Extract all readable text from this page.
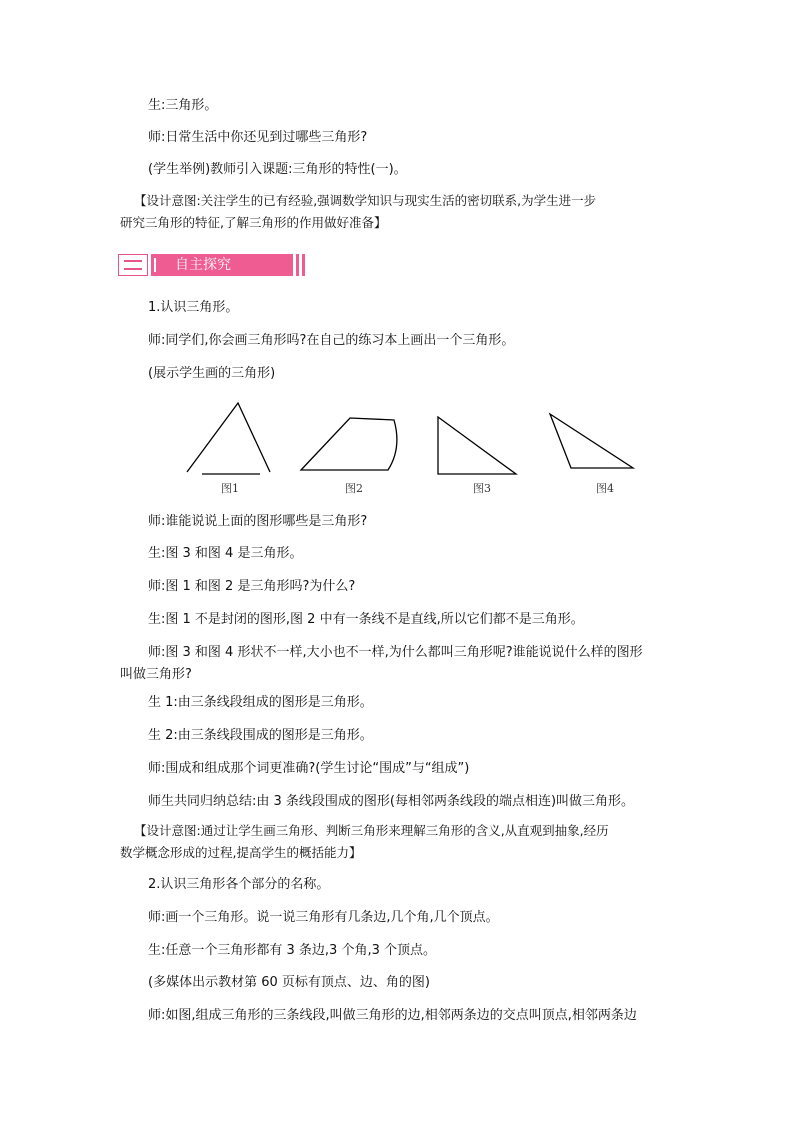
生:三角形。
师:日常生活中你还见到过哪些三角形?
(学生举例)教师引入课题:三角形的特性(一)。
【设计意图:关注学生的已有经验,强调数学知识与现实生活的密切联系,为学生进一步
研究三角形的特征,了解三角形的作用做好准备】
自主探究
1.认识三角形。
师:同学们,你会画三角形吗?在自己的练习本上画出一个三角形。
(展示学生画的三角形)
图1	图2	图3	图4
师:谁能说说上面的图形哪些是三角形?
生:图 3 和图 4 是三角形。
师:图 1 和图 2 是三角形吗?为什么?
生:图 1 不是封闭的图形,图 2 中有一条线不是直线,所以它们都不是三角形。
师:图 3 和图 4 形状不一样,大小也不一样,为什么都叫三角形呢?谁能说说什么样的图形
叫做三角形?
生 1:由三条线段组成的图形是三角形。
生 2:由三条线段围成的图形是三角形。
师:围成和组成那个词更准确?(学生讨论“围成”与“组成”)
师生共同归纳总结:由 3 条线段围成的图形(每相邻两条线段的端点相连)叫做三角形。
【设计意图:通过让学生画三角形、判断三角形来理解三角形的含义,从直观到抽象,经历
数学概念形成的过程,提高学生的概括能力】
2.认识三角形各个部分的名称。
师:画一个三角形。说一说三角形有几条边,几个角,几个顶点。
生:任意一个三角形都有 3 条边,3 个角,3 个顶点。
(多媒体出示教材第 60 页标有顶点、边、角的图)
师:如图,组成三角形的三条线段,叫做三角形的边,相邻两条边的交点叫顶点,相邻两条边
